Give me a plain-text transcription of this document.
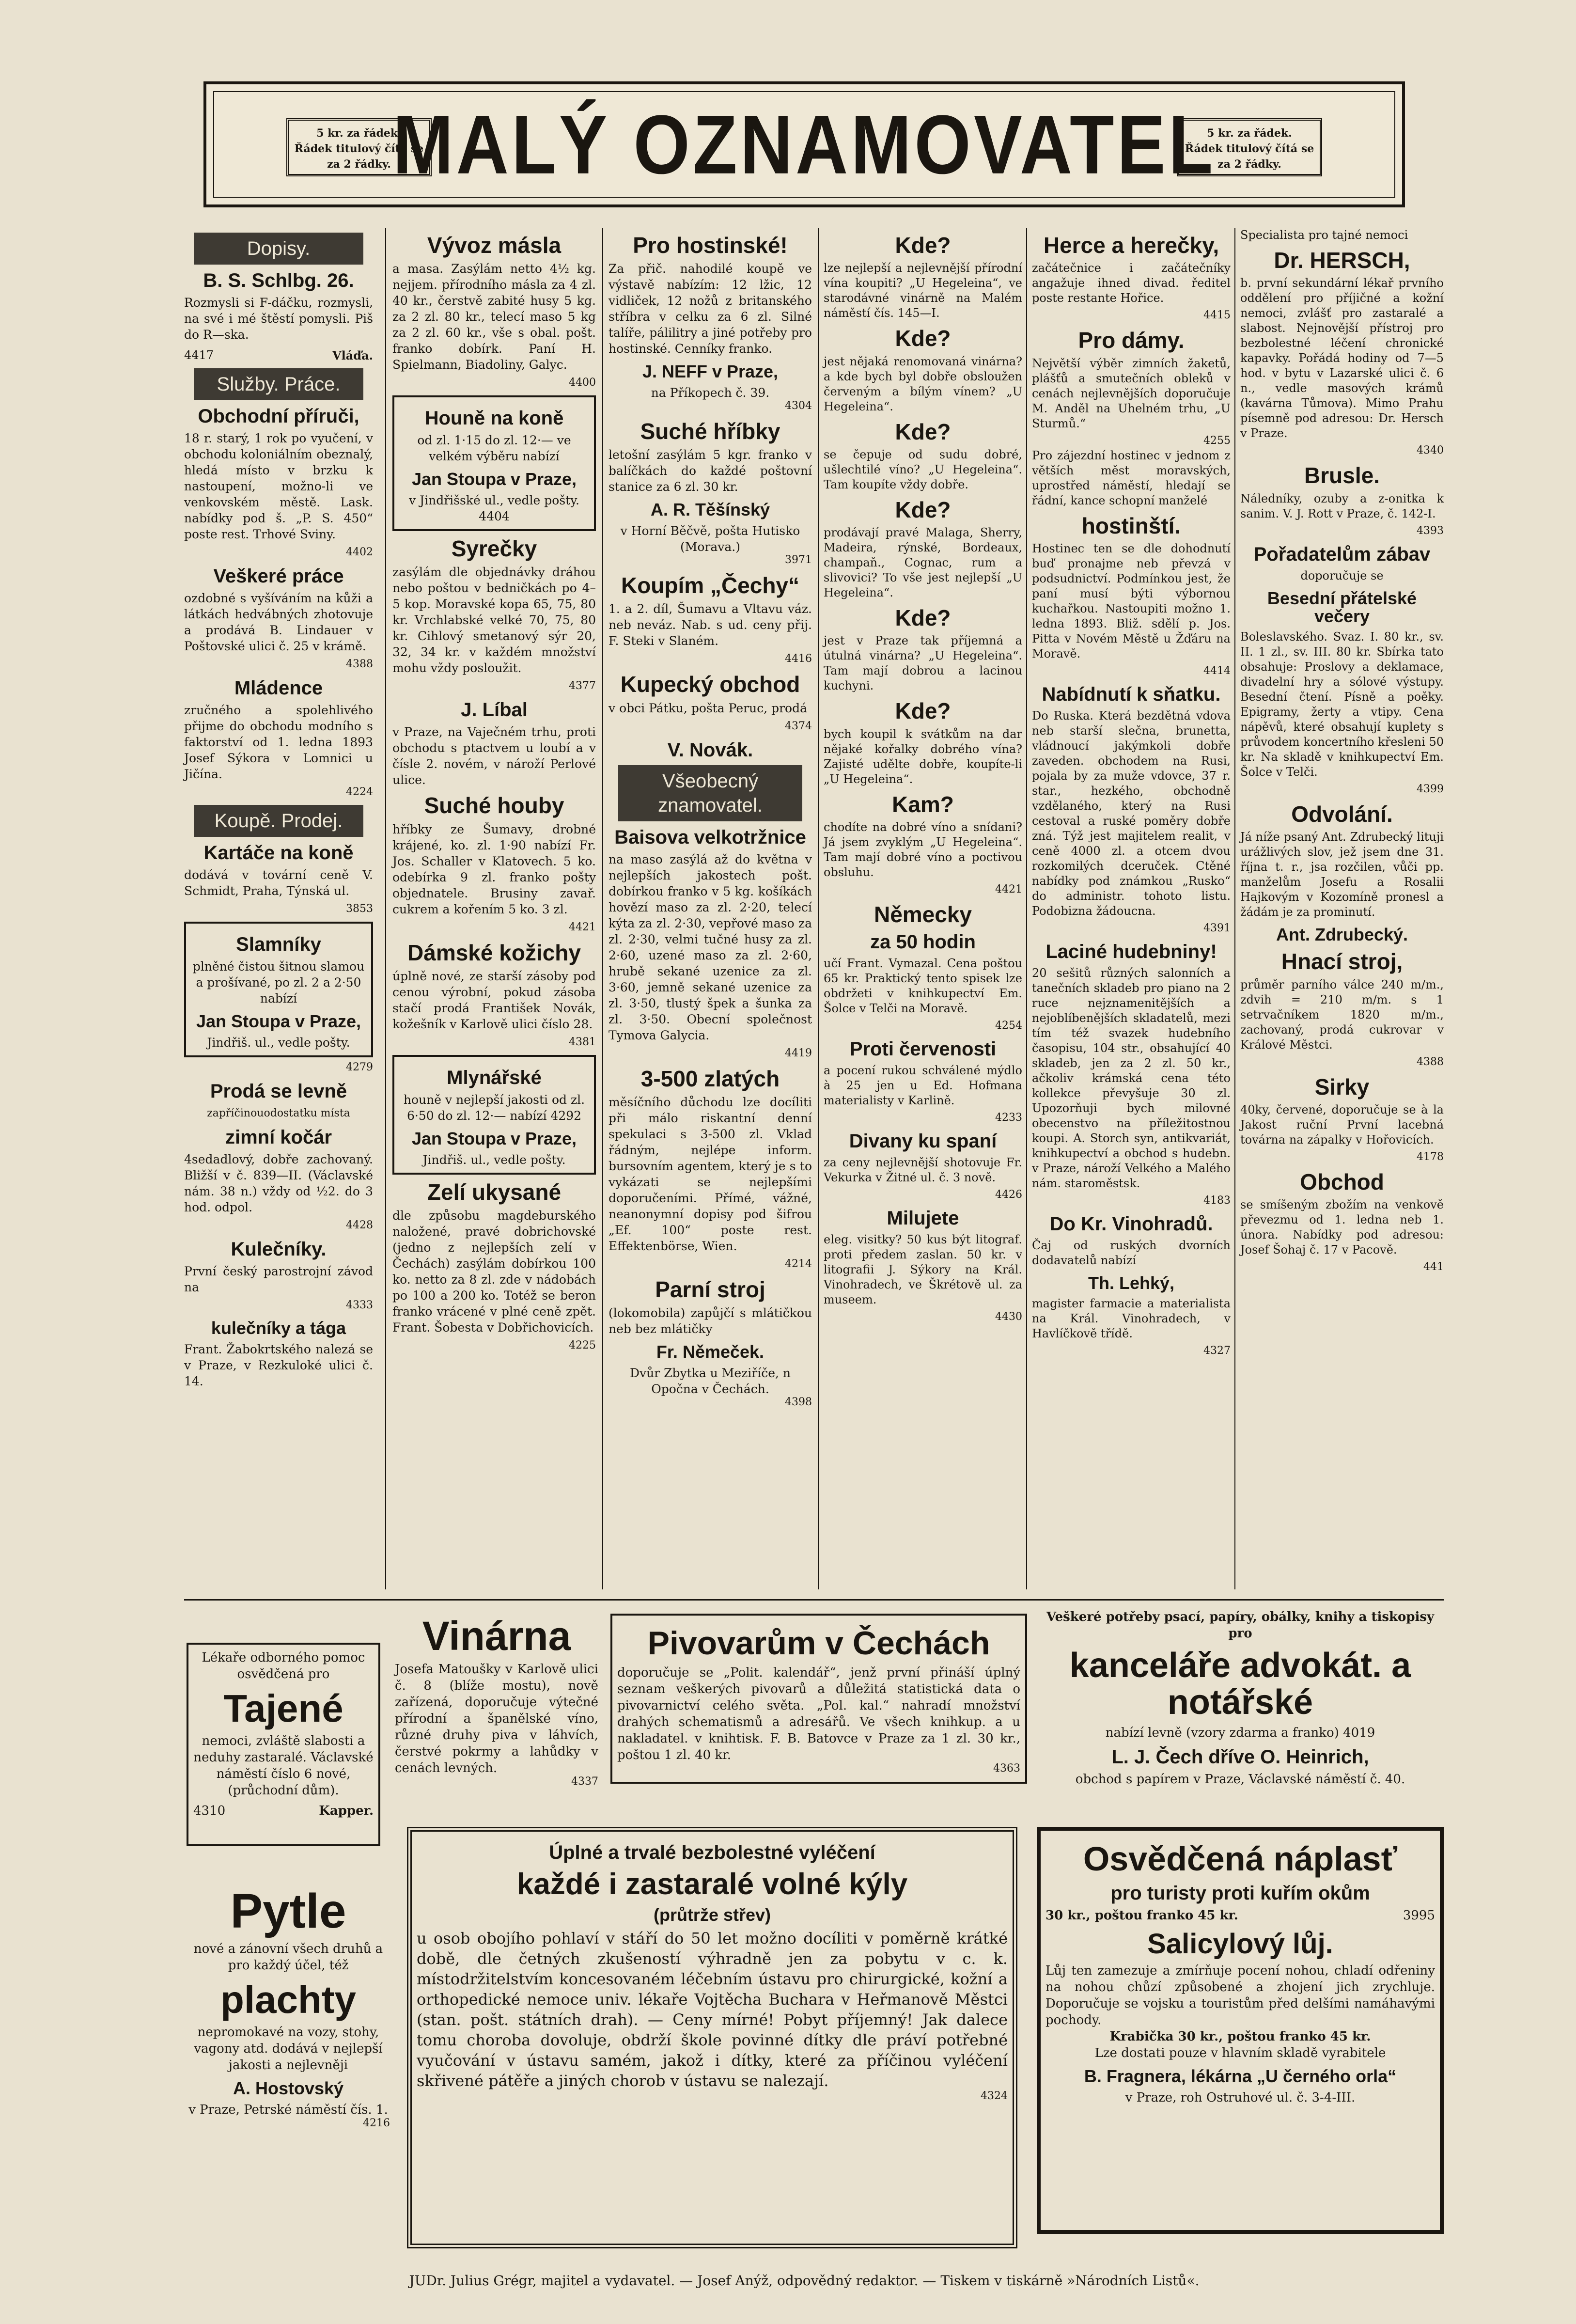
5 kr. za řádek.
Řádek titulový čítá se
za 2 řádky. MALÝ OZNAMOVATEL
5 kr. za řádek.
Řádek titulový čítá se
za 2 řádky.
Dopisy.
B. S. Schlbg. 26.

Rozmysli si F-dáčku, rozmysli, na své i mé štěstí pomysli. Piš do R—ska.

4417	Vláďa.
Služby. Práce.
Obchodní příruči,

18 r. starý, 1 rok po vyučení, v obchodu koloniálním obeznalý, hledá místo v brzku k nastoupení, možno-li ve venkovském městě. Lask. nabídky pod š. „P. S. 450“ poste rest. Trhové Sviny.

4402
Veškeré práce

ozdobné s vyšíváním na kůži a látkách hedvábných zhotovuje a prodává B. Lindauer v Poštovské ulici č. 25 v krámě.

4388
Mládence

zručného a spolehlivého přijme do obchodu modního s faktorství od 1. ledna 1893 Josef Sýkora v Lomnici u Jičína.

4224
Koupě. Prodej.
Kartáče na koně

dodává v tovární ceně V. Schmidt, Praha, Týnská ul.

3853
Slamníky
plněné čistou šitnou slamou a prošívané, po zl. 2 a 2·50 nabízí
Jan Stoupa v Praze,
Jindřiš. ul., vedle pošty.
4279
Prodá se levně
zapříčinouodostatku místa
zimní kočár

4sedadlový, dobře zachovaný. Bližší v č. 839—II. (Václavské nám. 38 n.) vždy od ½2. do 3 hod. odpol.

4428
Kulečníky.

První český parostrojní závod na

4333
kulečníky a tága

Frant. Žabokrtského nalezá se v Praze, v Rezkuloké ulici č. 14.

Vývoz másla

a masa. Zasýlám netto 4½ kg. nejjem. přírodního másla za 4 zl. 40 kr., čerstvě zabité husy 5 kg. za 2 zl. 80 kr., telecí maso 5 kg za 2 zl. 60 kr., vše s obal. pošt. franko dobírk. Paní H. Spielmann, Biadoliny, Galyc.

4400
Houně na koně
od zl. 1·15 do zl. 12·— ve velkém výběru nabízí
Jan Stoupa v Praze,
v Jindřišské ul., vedle pošty. 4404
Syrečky

zasýlám dle objednávky dráhou nebo poštou v bedničkách po 4–5 kop. Moravské kopa 65, 75, 80 kr. Vrchlabské velké 70, 75, 80 kr. Cihlový smetanový sýr 20, 32, 34 kr. v každém množství mohu vždy posloužit.

4377
J. Líbal

v Praze, na Vaječném trhu, proti obchodu s ptactvem u loubí a v čísle 2. novém, v nároží Perlové ulice.

Suché houby

hříbky ze Šumavy, drobné krájené, ko. zl. 1·90 nabízí Fr. Jos. Schaller v Klatovech. 5 ko. odebírka 9 zl. franko pošty objednatele. Brusiny zavař. cukrem a kořením 5 ko. 3 zl.

4421
Dámské kožichy

úplně nové, ze starší zásoby pod cenou výrobní, pokud zásoba stačí prodá František Novák, kožešník v Karlově ulici číslo 28.

4381
Mlynářské
houně v nejlepší jakosti od zl. 6·50 do zl. 12·— nabízí 4292
Jan Stoupa v Praze,
Jindřiš. ul., vedle pošty.
Zelí ukysané

dle způsobu magdeburského naložené, pravé dobrichovské (jedno z nejlepších zelí v Čechách) zasýlám dobírkou 100 ko. netto za 8 zl. zde v nádobách po 100 a 200 ko. Totéž se beron franko vrácené v plné ceně zpět. Frant. Šobesta v Dobřichovicích.

4225
Pro hostinské!

Za přič. nahodilé koupě ve výstavě nabízím: 12 lžic, 12 vidliček, 12 nožů z britanského stříbra v celku za 6 zl. Silné talíře, pálilitry a jiné potřeby pro hostinské. Cenníky franko.

J. NEFF v Praze,
na Příkopech č. 39.
4304
Suché hříbky

letošní zasýlám 5 kgr. franko v balíčkách do každé poštovní stanice za 6 zl. 30 kr.

A. R. Těšínský
v Horní Běčvě, pošta Hutisko (Morava.)
3971
Koupím „Čechy“

1. a 2. díl, Šumavu a Vltavu váz. neb neváz. Nab. s ud. ceny přij. F. Steki v Slaném.

4416
Kupecký obchod

v obci Pátku, pošta Peruc, prodá

4374
V. Novák.
Všeobecný znamovatel.
Baisova velkotržnice

na maso zasýlá až do května v nejlepších jakostech pošt. dobírkou franko v 5 kg. košíkách hovězí maso za zl. 2·20, telecí kýta za zl. 2·30, vepřové maso za zl. 2·30, velmi tučné husy za zl. 2·60, uzené maso za zl. 2·60, hrubě sekané uzenice za zl. 3·60, jemně sekané uzenice za zl. 3·50, tlustý špek a šunka za zl. 3·50. Obecní společnost Tymova Galycia.

4419
3-500 zlatých

měsíčního důchodu lze docíliti při málo riskantní denní spekulaci s 3-500 zl. Vklad řádným, nejlépe inform. bursovním agentem, který je s to vykázati se nejlepšími doporučeními. Přímé, vážné, neanonymní dopisy pod šifrou „Ef. 100“ poste rest. Effektenbörse, Wien.

4214
Parní stroj

(lokomobila) zapůjčí s mlátičkou neb bez mlátičky

Fr. Němeček.
Dvůr Zbytka u Meziříče, n Opočna v Čechách.
4398
Kde?

lze nejlepší a nejlevnější přírodní vína koupiti? „U Hegeleina“, ve starodávné vinárně na Malém náměstí čís. 145—I.

Kde?

jest nějaká renomovaná vinárna? a kde bych byl dobře obsloužen červeným a bílým vínem? „U Hegeleina“.

Kde?

se čepuje od sudu dobré, ušlechtilé víno? „U Hegeleina“. Tam koupíte vždy dobře.

Kde?

prodávají pravé Malaga, Sherry, Madeira, rýnské, Bordeaux, champaň., Cognac, rum a slivovici? To vše jest nejlepší „U Hegeleina“.

Kde?

jest v Praze tak příjemná a útulná vinárna? „U Hegeleina“. Tam mají dobrou a lacinou kuchyni.

Kde?

bych koupil k svátkům na dar nějaké kořalky dobrého vína? Zajisté udělte dobře, koupíte-li „U Hegeleina“.

Kam?

chodíte na dobré víno a snídani? Já jsem zvyklým „U Hegeleina“. Tam mají dobré víno a poctivou obsluhu.

4421
Německy
za 50 hodin

učí Frant. Vymazal. Cena poštou 65 kr. Praktický tento spisek lze obdržeti v knihkupectví Em. Šolce v Telči na Moravě.

4254
Proti červenosti

a pocení rukou schválené mýdlo à 25 jen u Ed. Hofmana materialisty v Karlině.

4233
Divany ku spaní

za ceny nejlevnější shotovuje Fr. Vekurka v Žitné ul. č. 3 nově.

4426
Milujete

eleg. visitky? 50 kus být litograf. proti předem zaslan. 50 kr. v litografii J. Sýkory na Král. Vinohradech, ve Škrétově ul. za museem.

4430
Herce a herečky,

začátečnice i začátečníky angažuje ihned divad. ředitel poste restante Hořice.

4415
Pro dámy.

Největší výběr zimních žaketů, plášťů a smutečních obleků v cenách nejlevnějších doporučuje M. Anděl na Uhelném trhu, „U Sturmů.“

4255

Pro zájezdní hostinec v jednom z větších měst moravských, uprostřed náměstí, hledají se řádní, kance schopní manželé

hostinští.

Hostinec ten se dle dohodnutí buď pronajme neb převzá v podsudnictví. Podmínkou jest, že paní musí býti výbornou kuchařkou. Nastoupiti možno 1. ledna 1893. Bliž. sdělí p. Jos. Pitta v Novém Městě u Žďáru na Moravě.

4414
Nabídnutí k sňatku.

Do Ruska. Která bezdětná vdova neb starší slečna, brunetta, vládnoucí jakýmkoli dobře zaveden. obchodem na Rusi, pojala by za muže vdovce, 37 r. star., hezkého, obchodně vzdělaného, který na Rusi cestoval a ruské poměry dobře zná. Týž jest majitelem realit, v ceně 4000 zl. a otcem dvou rozkomilých dceruček. Ctěné nabídky pod známkou „Rusko“ do administr. tohoto listu. Podobizna žádoucna.

4391
Laciné hudebniny!

20 sešitů různých salonních a tanečních skladeb pro piano na 2 ruce nejznamenitějších a nejoblíbenějších skladatelů, mezi tím též svazek hudebního časopisu, 104 str., obsahující 40 skladeb, jen za 2 zl. 50 kr., ačkoliv krámská cena této kollekce převyšuje 30 zl. Upozorňuji bych milovné obecenstvo na příležitostnou koupi. A. Storch syn, antikvariát, knihkupectví a obchod s hudebn. v Praze, nároží Velkého a Malého nám. staroměstsk.

4183
Do Kr. Vinohradů.

Čaj od ruských dvorních dodavatelů nabízí

Th. Lehký,

magister farmacie a materialista na Král. Vinohradech, v Havlíčkově třídě.

4327

Specialista pro tajné nemoci

Dr. HERSCH,

b. první sekundární lékař prvního oddělení pro příjičné a kožní nemoci, zvlášť pro zastaralé a slabost. Nejnovější přístroj pro bezbolestné léčení chronické kapavky. Pořádá hodiny od 7—5 hod. v bytu v Lazarské ulici č. 6 n., vedle masových krámů (kavárna Tůmova). Mimo Prahu písemně pod adresou: Dr. Hersch v Praze.

4340
Brusle.

Náledníky, ozuby a z-onitka k sanim. V. J. Rott v Praze, č. 142-I.

4393
Pořadatelům zábav
doporučuje se
Besední přátelské večery

Boleslavského. Svaz. I. 80 kr., sv. II. 1 zl., sv. III. 80 kr. Sbírka tato obsahuje: Proslovy a deklamace, divadelní hry a sólové výstupy. Besední čtení. Písně a poěky. Epigramy, žerty a vtipy. Cena nápěvů, které obsahují kuplety s průvodem koncertního křesleni 50 kr. Na skladě v knihkupectví Em. Šolce v Telči.

4399
Odvolání.

Já níže psaný Ant. Zdrubecký lituji urážlivých slov, jež jsem dne 31. října t. r., jsa rozčilen, vůči pp. manželům Josefu a Rosalii Hajkovým v Kozomíně pronesl a žádám je za prominutí.

Ant. Zdrubecký.
Hnací stroj,

průměr parního válce 240 m/m., zdvih = 210 m/m. s 1 setrvačníkem 1820 m/m., zachovaný, prodá cukrovar v Králové Městci.

4388
Sirky

40ky, červené, doporučuje se à la Jakost ruční První lacebná továrna na zápalky v Hořovicích.

4178
Obchod

se smíšeným zbožím na venkově převezmu od 1. ledna neb 1. února. Nabídky pod adresou: Josef Šohaj č. 17 v Pacově.

441
Lékaře odborného pomoc osvědčená pro
Tajené
nemoci, zvláště slabosti a neduhy zastaralé. Václavské náměstí číslo 6 nové, (průchodní dům).
4310	Kapper.
Pytle
nové a zánovní všech druhů a pro každý účel, též
plachty
nepromokavé na vozy, stohy, vagony atd. dodává v nejlepší jakosti a nejlevněji
A. Hostovský
v Praze, Petrské náměstí čís. 1.
4216
Vinárna
Josefa Matoušky v Karlově ulici č. 8 (blíže mostu), nově zařízená, doporučuje výtečné přírodní a španělské víno, různé druhy piva v láhvích, čerstvé pokrmy a lahůdky v cenách levných.
4337
Pivovarům v Čechách
doporučuje se „Polit. kalendář“, jenž první přináší úplný seznam veškerých pivovarů a důležitá statistická data o pivovarnictví celého světa. „Pol. kal.“ nahradí množství drahých schematismů a adresářů. Ve všech knihkup. a u nakladatel. v knihtisk. F. B. Batovce v Praze za 1 zl. 30 kr., poštou 1 zl. 40 kr.
4363
Veškeré potřeby psací, papíry, obálky, knihy a tiskopisy pro
kanceláře advokát. a notářské
nabízí levně (vzory zdarma a franko) 4019
L. J. Čech dříve O. Heinrich,
obchod s papírem v Praze, Václavské náměstí č. 40.
Úplné a trvalé bezbolestné vyléčení
každé i zastaralé volné kýly
(průtrže střev)
u osob obojího pohlaví v stáří do 50 let možno docíliti v poměrně krátké době, dle četných zkušeností výhradně jen za pobytu v c. k. místodržitelstvím koncesovaném léčebním ústavu pro chirurgické, kožní a orthopedické nemoce univ. lékaře Vojtěcha Buchara v Heřmanově Městci (stan. pošt. státních drah). — Ceny mírné! Pobyt příjemný! Jak dalece tomu choroba dovoluje, obdrží škole povinné dítky dle práví potřebné vyučování v ústavu samém, jakož i dítky, které za příčinou vyléčení skřivené pátěře a jiných chorob v ústavu se nalezají.
4324
Osvědčená náplasť
pro turisty proti kuřím okům
30 kr., poštou franko 45 kr.	3995
Salicylový lůj.
Lůj ten zamezuje a zmírňuje pocení nohou, chladí odřeniny na nohou chůzí způsobené a zhojení jich zrychluje. Doporučuje se vojsku a touristům před delšími namáhavými pochody.
Krabička 30 kr., poštou franko 45 kr.
Lze dostati pouze v hlavním skladě vyrabitele
B. Fragnera, lékárna „U černého orla“
v Praze, roh Ostruhové ul. č. 3-4-III.
JUDr. Julius Grégr, majitel a vydavatel. — Josef Anýž, odpovědný redaktor. — Tiskem v tiskárně »Národních Listů«.
